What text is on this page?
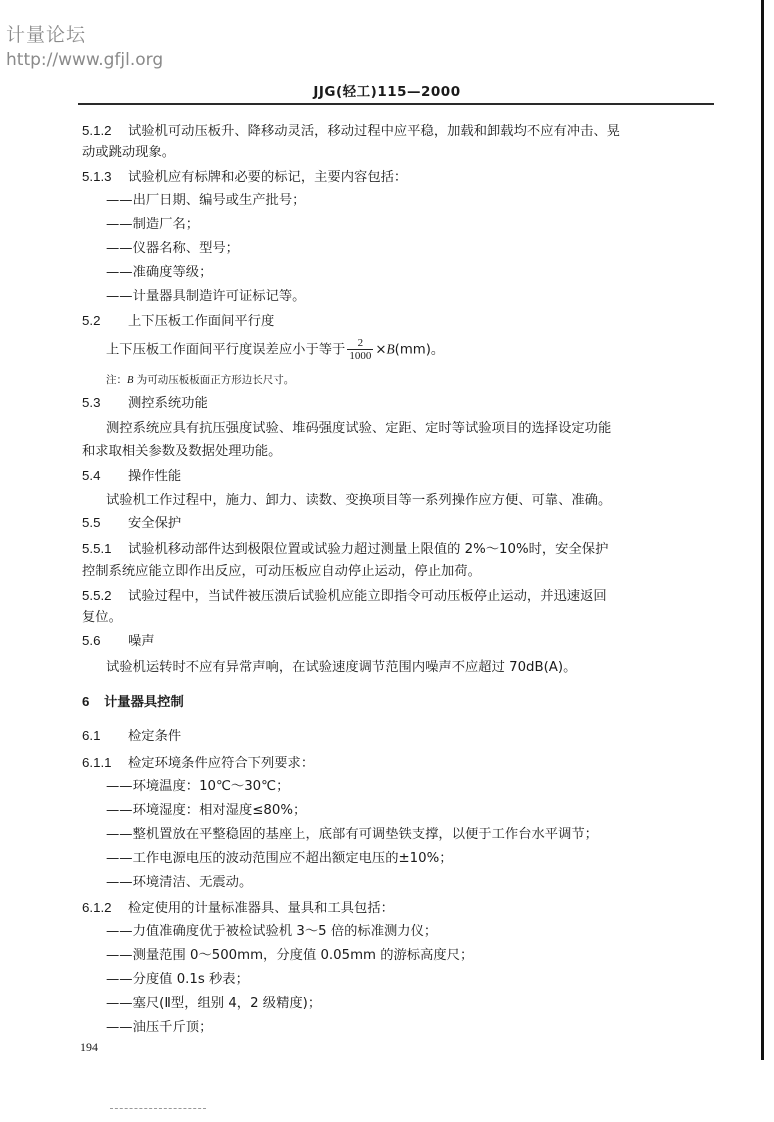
计量论坛
http://www.gfjl.org
JJG(轻工)115—2000
5.1.2 试验机可动压板升、降移动灵活，移动过程中应平稳，加载和卸载均不应有冲击、晃
动或跳动现象。
5.1.3 试验机应有标牌和必要的标记，主要内容包括：
——出厂日期、编号或生产批号；
——制造厂名；
——仪器名称、型号；
——准确度等级；
——计量器具制造许可证标记等。
5.2 上下压板工作面间平行度
上下压板工作面间平行度误差应小于等于 $\frac{2}{1000} \times B(mm)$。
注：B 为可动压板板面正方形边长尺寸。
5.3 测控系统功能
测控系统应具有抗压强度试验、堆码强度试验、定距、定时等试验项目的选择设定功能
和求取相关参数及数据处理功能。
5.4 操作性能
试验机工作过程中，施力、卸力、读数、变换项目等一系列操作应方便、可靠、准确。
5.5 安全保护
5.5.1 试验机移动部件达到极限位置或试验力超过测量上限值的 2%～10%时，安全保护
控制系统应能立即作出反应，可动压板应自动停止运动，停止加荷。
5.5.2 试验过程中，当试件被压溃后试验机应能立即指令可动压板停止运动，并迅速返回
复位。
5.6 噪声
试验机运转时不应有异常声响，在试验速度调节范围内噪声不应超过 70dB(A)。
6 计量器具控制
6.1 检定条件
6.1.1 检定环境条件应符合下列要求：
——环境温度：10℃～30℃；
——环境湿度：相对湿度≤80%；
——整机置放在平整稳固的基座上，底部有可调垫铁支撑，以便于工作台水平调节；
——工作电源电压的波动范围应不超出额定电压的±10%；
——环境清洁、无震动。
6.1.2 检定使用的计量标准器具、量具和工具包括：
——力值准确度优于被检试验机 3～5 倍的标准测力仪；
——测量范围 0～500mm，分度值 0.05mm 的游标高度尺；
——分度值 0.1s 秒表；
——塞尺(Ⅱ型，组别 4，2 级精度)；
——油压千斤顶；
194
